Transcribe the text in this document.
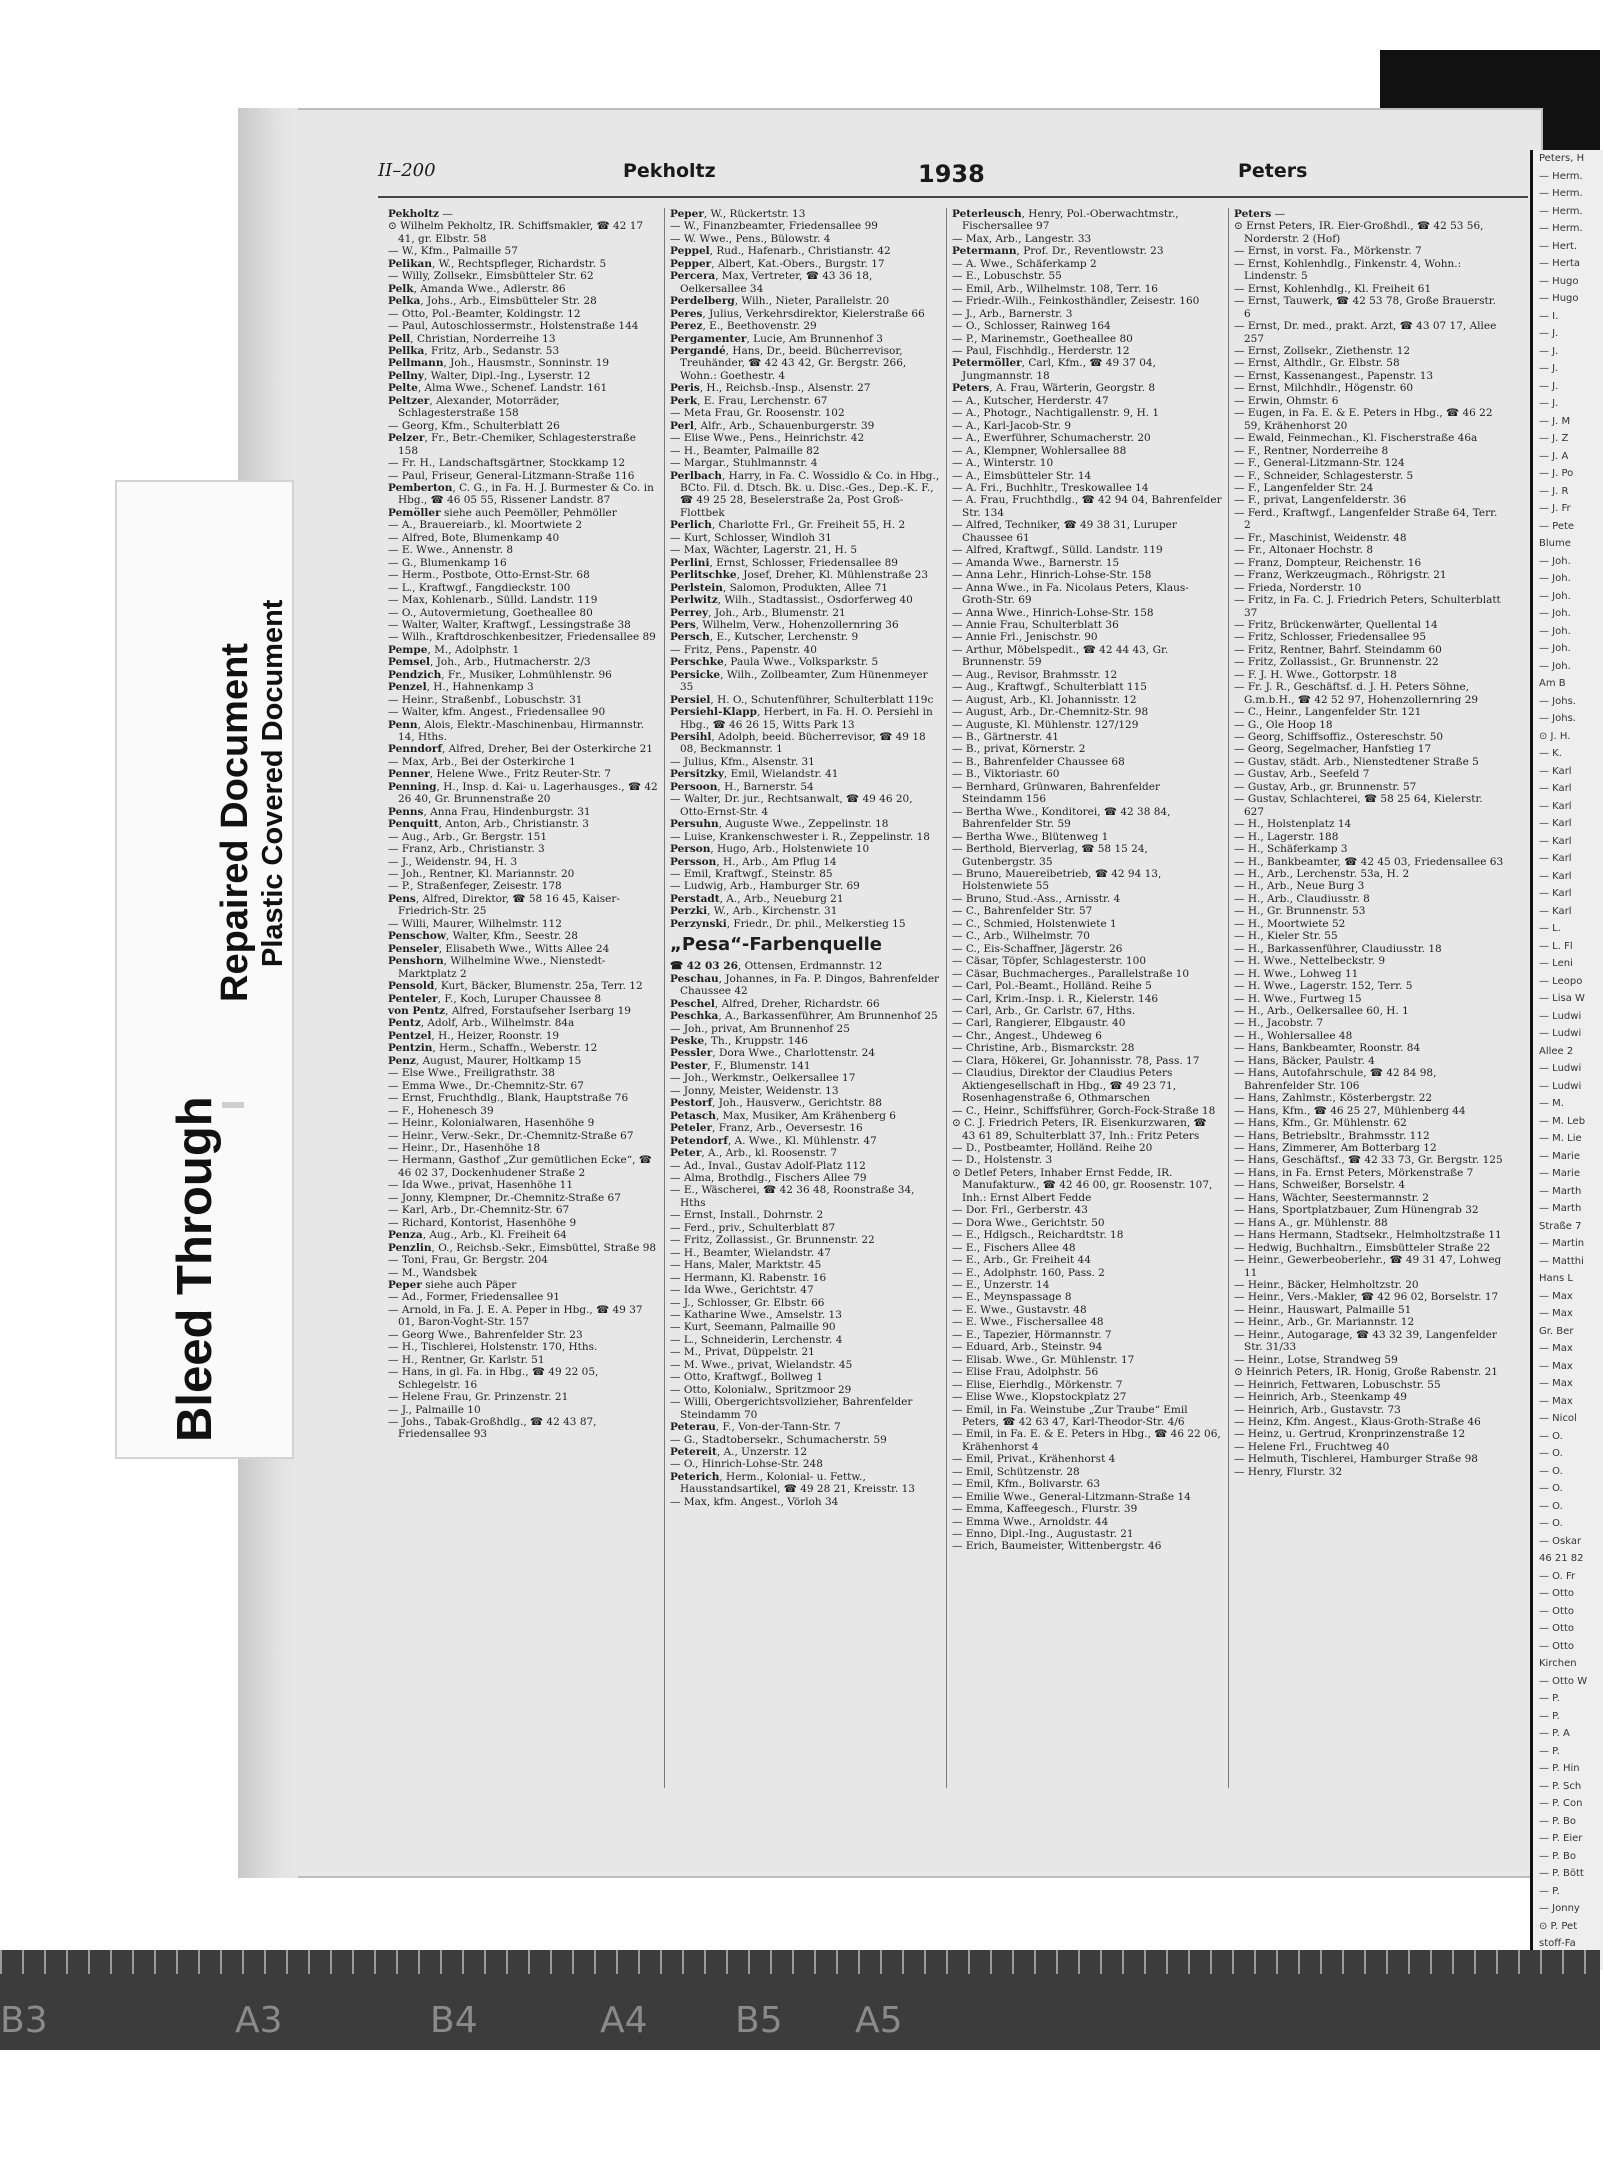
II–200	Pekholtz	1938	Peters
Pekholtz —
⊙ Wilhelm Pekholtz, IR. Schiffsmakler, ☎ 42 17 41, gr. Elbstr. 58
— W., Kfm., Palmaille 57
Pelikan, W., Rechtspfleger, Richardstr. 5
— Willy, Zollsekr., Eimsbütteler Str. 62
Pelk, Amanda Wwe., Adlerstr. 86
Pelka, Johs., Arb., Eimsbütteler Str. 28
— Otto, Pol.-Beamter, Koldingstr. 12
— Paul, Autoschlossermstr., Holstenstraße 144
Pell, Christian, Norderreihe 13
Pellka, Fritz, Arb., Sedanstr. 53
Pellmann, Joh., Hausmstr., Sonninstr. 19
Pellny, Walter, Dipl.-Ing., Lyserstr. 12
Pelte, Alma Wwe., Schenef. Landstr. 161
Peltzer, Alexander, Motorräder, Schlagesterstraße 158
— Georg, Kfm., Schulterblatt 26
Pelzer, Fr., Betr.-Chemiker, Schlagesterstraße 158
— Fr. H., Landschaftsgärtner, Stockkamp 12
— Paul, Friseur, General-Litzmann-Straße 116
Pemberton, C. G., in Fa. H. J. Burmester & Co. in Hbg., ☎ 46 05 55, Rissener Landstr. 87
Pemöller siehe auch Peemöller, Pehmöller
— A., Brauereiarb., kl. Moortwiete 2
— Alfred, Bote, Blumenkamp 40
— E. Wwe., Annenstr. 8
— G., Blumenkamp 16
— Herm., Postbote, Otto-Ernst-Str. 68
— L., Kraftwgf., Fangdieckstr. 100
— Max, Kohlenarb., Sülld. Landstr. 119
— O., Autovermietung, Goetheallee 80
— Walter, Walter, Kraftwgf., Lessingstraße 38
— Wilh., Kraftdroschkenbesitzer, Friedensallee 89
Pempe, M., Adolphstr. 1
Pemsel, Joh., Arb., Hutmacherstr. 2/3
Pendzich, Fr., Musiker, Lohmühlenstr. 96
Penzel, H., Hahnenkamp 3
— Heinr., Straßenbf., Lobuschstr. 31
— Walter, kfm. Angest., Friedensallee 90
Penn, Alois, Elektr.-Maschinenbau, Hirmannstr. 14, Hths.
Penndorf, Alfred, Dreher, Bei der Osterkirche 21
— Max, Arb., Bei der Osterkirche 1
Penner, Helene Wwe., Fritz Reuter-Str. 7
Penning, H., Insp. d. Kai- u. Lagerhausges., ☎ 42 26 40, Gr. Brunnenstraße 20
Penns, Anna Frau, Hindenburgstr. 31
Penquitt, Anton, Arb., Christianstr. 3
— Aug., Arb., Gr. Bergstr. 151
— Franz, Arb., Christianstr. 3
— J., Weidenstr. 94, H. 3
— Joh., Rentner, Kl. Mariannstr. 20
— P., Straßenfeger, Zeisestr. 178
Pens, Alfred, Direktor, ☎ 58 16 45, Kaiser-Friedrich-Str. 25
— Willi, Maurer, Wilhelmstr. 112
Penschow, Walter, Kfm., Seestr. 28
Penseler, Elisabeth Wwe., Witts Allee 24
Penshorn, Wilhelmine Wwe., Nienstedt-Marktplatz 2
Pensold, Kurt, Bäcker, Blumenstr. 25a, Terr. 12
Penteler, F., Koch, Luruper Chaussee 8
von Pentz, Alfred, Forstaufseher Iserbarg 19
Pentz, Adolf, Arb., Wilhelmstr. 84a
Pentzel, H., Heizer, Roonstr. 19
Pentzin, Herm., Schaffn., Weberstr. 12
Penz, August, Maurer, Holtkamp 15
— Else Wwe., Freiligrathstr. 38
— Emma Wwe., Dr.-Chemnitz-Str. 67
— Ernst, Fruchthdlg., Blank, Hauptstraße 76
— F., Hohenesch 39
— Heinr., Kolonialwaren, Hasenhöhe 9
— Heinr., Verw.-Sekr., Dr.-Chemnitz-Straße 67
— Heinr., Dr., Hasenhöhe 18
— Hermann, Gasthof „Zur gemütlichen Ecke“, ☎ 46 02 37, Dockenhudener Straße 2
— Ida Wwe., privat, Hasenhöhe 11
— Jonny, Klempner, Dr.-Chemnitz-Straße 67
— Karl, Arb., Dr.-Chemnitz-Str. 67
— Richard, Kontorist, Hasenhöhe 9
Penza, Aug., Arb., Kl. Freiheit 64
Penzlin, O., Reichsb.-Sekr., Eimsbüttel, Straße 98
— Toni, Frau, Gr. Bergstr. 204
— M., Wandsbek
Peper siehe auch Päper
— Ad., Former, Friedensallee 91
— Arnold, in Fa. J. E. A. Peper in Hbg., ☎ 49 37 01, Baron-Voght-Str. 157
— Georg Wwe., Bahrenfelder Str. 23
— H., Tischlerei, Holstenstr. 170, Hths.
— H., Rentner, Gr. Karlstr. 51
— Hans, in gl. Fa. in Hbg., ☎ 49 22 05, Schlegelstr. 16
— Helene Frau, Gr. Prinzenstr. 21
— J., Palmaille 10
— Johs., Tabak-Großhdlg., ☎ 42 43 87, Friedensallee 93
Peper, W., Rückertstr. 13
— W., Finanzbeamter, Friedensallee 99
— W. Wwe., Pens., Bülowstr. 4
Peppel, Rud., Hafenarb., Christianstr. 42
Pepper, Albert, Kat.-Obers., Burgstr. 17
Percera, Max, Vertreter, ☎ 43 36 18, Oelkersallee 34
Perdelberg, Wilh., Nieter, Parallelstr. 20
Peres, Julius, Verkehrsdirektor, Kielerstraße 66
Perez, E., Beethovenstr. 29
Pergamenter, Lucie, Am Brunnenhof 3
Pergandé, Hans, Dr., beeid. Bücherrevisor, Treuhänder, ☎ 42 43 42, Gr. Bergstr. 266, Wohn.: Goethestr. 4
Peris, H., Reichsb.-Insp., Alsenstr. 27
Perk, E. Frau, Lerchenstr. 67
— Meta Frau, Gr. Roosenstr. 102
Perl, Alfr., Arb., Schauenburgerstr. 39
— Elise Wwe., Pens., Heinrichstr. 42
— H., Beamter, Palmaille 82
— Margar., Stuhlmannstr. 4
Perlbach, Harry, in Fa. C. Wossidlo & Co. in Hbg., BCto. Fil. d. Dtsch. Bk. u. Disc.-Ges., Dep.-K. F., ☎ 49 25 28, Beselerstraße 2a, Post Groß-Flottbek
Perlich, Charlotte Frl., Gr. Freiheit 55, H. 2
— Kurt, Schlosser, Windloh 31
— Max, Wächter, Lagerstr. 21, H. 5
Perlini, Ernst, Schlosser, Friedensallee 89
Perlitschke, Josef, Dreher, Kl. Mühlenstraße 23
Perlstein, Salomon, Produkten, Allee 71
Perlwitz, Wilh., Stadtassist., Osdorferweg 40
Perrey, Joh., Arb., Blumenstr. 21
Pers, Wilhelm, Verw., Hohenzollernring 36
Persch, E., Kutscher, Lerchenstr. 9
— Fritz, Pens., Papenstr. 40
Perschke, Paula Wwe., Volksparkstr. 5
Persicke, Wilh., Zollbeamter, Zum Hünenmeyer 35
Persiel, H. O., Schutenführer, Schulterblatt 119c
Persiehl-Klapp, Herbert, in Fa. H. O. Persiehl in Hbg., ☎ 46 26 15, Witts Park 13
Persihl, Adolph, beeid. Bücherrevisor, ☎ 49 18 08, Beckmannstr. 1
— Julius, Kfm., Alsenstr. 31
Persitzky, Emil, Wielandstr. 41
Persoon, H., Barnerstr. 54
— Walter, Dr. jur., Rechtsanwalt, ☎ 49 46 20, Otto-Ernst-Str. 4
Persuhn, Auguste Wwe., Zeppelinstr. 18
— Luise, Krankenschwester i. R., Zeppelinstr. 18
Person, Hugo, Arb., Holstenwiete 10
Persson, H., Arb., Am Pflug 14
— Emil, Kraftwgf., Steinstr. 85
— Ludwig, Arb., Hamburger Str. 69
Perstadt, A., Arb., Neueburg 21
Perzki, W., Arb., Kirchenstr. 31
Perzynski, Friedr., Dr. phil., Melkerstieg 15
„Pesa“-Farbenquelle
☎ 42 03 26, Ottensen, Erdmannstr. 12
Peschau, Johannes, in Fa. P. Dingos, Bahrenfelder Chaussee 42
Peschel, Alfred, Dreher, Richardstr. 66
Peschka, A., Barkassenführer, Am Brunnenhof 25
— Joh., privat, Am Brunnenhof 25
Peske, Th., Kruppstr. 146
Pessler, Dora Wwe., Charlottenstr. 24
Pester, F., Blumenstr. 141
— Joh., Werkmstr., Oelkersallee 17
— Jonny, Meister, Weidenstr. 13
Pestorf, Joh., Hausverw., Gerichtstr. 88
Petasch, Max, Musiker, Am Krähenberg 6
Peteler, Franz, Arb., Oeversestr. 16
Petendorf, A. Wwe., Kl. Mühlenstr. 47
Peter, A., Arb., kl. Roosenstr. 7
— Ad., Inval., Gustav Adolf-Platz 112
— Alma, Brothdlg., Fischers Allee 79
— E., Wäscherei, ☎ 42 36 48, Roonstraße 34, Hths
— Ernst, Install., Dohrnstr. 2
— Ferd., priv., Schulterblatt 87
— Fritz, Zollassist., Gr. Brunnenstr. 22
— H., Beamter, Wielandstr. 47
— Hans, Maler, Marktstr. 45
— Hermann, Kl. Rabenstr. 16
— Ida Wwe., Gerichtstr. 47
— J., Schlosser, Gr. Elbstr. 66
— Katharine Wwe., Amselstr. 13
— Kurt, Seemann, Palmaille 90
— L., Schneiderin, Lerchenstr. 4
— M., Privat, Düppelstr. 21
— M. Wwe., privat, Wielandstr. 45
— Otto, Kraftwgf., Bollweg 1
— Otto, Kolonialw., Spritzmoor 29
— Willi, Obergerichtsvollzieher, Bahrenfelder Steindamm 70
Peterau, F., Von-der-Tann-Str. 7
— G., Stadtobersekr., Schumacherstr. 59
Petereit, A., Unzerstr. 12
— O., Hinrich-Lohse-Str. 248
Peterich, Herm., Kolonial- u. Fettw., Hausstandsartikel, ☎ 49 28 21, Kreisstr. 13
— Max, kfm. Angest., Vörloh 34
Peterleusch, Henry, Pol.-Oberwachtmstr., Fischersallee 97
— Max, Arb., Langestr. 33
Petermann, Prof. Dr., Reventlowstr. 23
— A. Wwe., Schäferkamp 2
— E., Lobuschstr. 55
— Emil, Arb., Wilhelmstr. 108, Terr. 16
— Friedr.-Wilh., Feinkosthändler, Zeisestr. 160
— J., Arb., Barnerstr. 3
— O., Schlosser, Rainweg 164
— P., Marinemstr., Goetheallee 80
— Paul, Fischhdlg., Herderstr. 12
Petermöller, Carl, Kfm., ☎ 49 37 04, Jungmannstr. 18
Peters, A. Frau, Wärterin, Georgstr. 8
— A., Kutscher, Herderstr. 47
— A., Photogr., Nachtigallenstr. 9, H. 1
— A., Karl-Jacob-Str. 9
— A., Ewerführer, Schumacherstr. 20
— A., Klempner, Wohlersallee 88
— A., Winterstr. 10
— A., Eimsbütteler Str. 14
— A. Fri., Buchhltr., Treskowallee 14
— A. Frau, Fruchthdlg., ☎ 42 94 04, Bahrenfelder Str. 134
— Alfred, Techniker, ☎ 49 38 31, Luruper Chaussee 61
— Alfred, Kraftwgf., Sülld. Landstr. 119
— Amanda Wwe., Barnerstr. 15
— Anna Lehr., Hinrich-Lohse-Str. 158
— Anna Wwe., in Fa. Nicolaus Peters, Klaus-Groth-Str. 69
— Anna Wwe., Hinrich-Lohse-Str. 158
— Annie Frau, Schulterblatt 36
— Annie Frl., Jenischstr. 90
— Arthur, Möbelspedit., ☎ 42 44 43, Gr. Brunnenstr. 59
— Aug., Revisor, Brahmsstr. 12
— Aug., Kraftwgf., Schulterblatt 115
— August, Arb., Kl. Johannisstr. 12
— August, Arb., Dr.-Chemnitz-Str. 98
— Auguste, Kl. Mühlenstr. 127/129
— B., Gärtnerstr. 41
— B., privat, Körnerstr. 2
— B., Bahrenfelder Chaussee 68
— B., Viktoriastr. 60
— Bernhard, Grünwaren, Bahrenfelder Steindamm 156
— Bertha Wwe., Konditorei, ☎ 42 38 84, Bahrenfelder Str. 59
— Bertha Wwe., Blütenweg 1
— Berthold, Bierverlag, ☎ 58 15 24, Gutenbergstr. 35
— Bruno, Mauereibetrieb, ☎ 42 94 13, Holstenwiete 55
— Bruno, Stud.-Ass., Arnisstr. 4
— C., Bahrenfelder Str. 57
— C., Schmied, Holstenwiete 1
— C., Arb., Wilhelmstr. 70
— C., Eis-Schaffner, Jägerstr. 26
— Cäsar, Töpfer, Schlagesterstr. 100
— Cäsar, Buchmacherges., Parallelstraße 10
— Carl, Pol.-Beamt., Holländ. Reihe 5
— Carl, Krim.-Insp. i. R., Kielerstr. 146
— Carl, Arb., Gr. Carlstr. 67, Hths.
— Carl, Rangierer, Elbgaustr. 40
— Chr., Angest., Uhdeweg 6
— Christine, Arb., Bismarckstr. 28
— Clara, Hökerei, Gr. Johannisstr. 78, Pass. 17
— Claudius, Direktor der Claudius Peters Aktiengesellschaft in Hbg., ☎ 49 23 71, Rosenhagenstraße 6, Othmarschen
— C., Heinr., Schiffsführer, Gorch-Fock-Straße 18
⊙ C. J. Friedrich Peters, IR. Eisenkurzwaren, ☎ 43 61 89, Schulterblatt 37, Inh.: Fritz Peters
— D., Postbeamter, Holländ. Reihe 20
— D., Holstenstr. 3
⊙ Detlef Peters, Inhaber Ernst Fedde, IR. Manufakturw., ☎ 42 46 00, gr. Roosenstr. 107, Inh.: Ernst Albert Fedde
— Dor. Frl., Gerberstr. 43
— Dora Wwe., Gerichtstr. 50
— E., Hdlgsch., Reichardtstr. 18
— E., Fischers Allee 48
— E., Arb., Gr. Freiheit 44
— E., Adolphstr. 160, Pass. 2
— E., Unzerstr. 14
— E., Meynspassage 8
— E. Wwe., Gustavstr. 48
— E. Wwe., Fischersallee 48
— E., Tapezier, Hörmannstr. 7
— Eduard, Arb., Steinstr. 94
— Elisab. Wwe., Gr. Mühlenstr. 17
— Elise Frau, Adolphstr. 56
— Elise, Eierhdlg., Mörkenstr. 7
— Elise Wwe., Klopstockplatz 27
— Emil, in Fa. Weinstube „Zur Traube“ Emil Peters, ☎ 42 63 47, Karl-Theodor-Str. 4/6
— Emil, in Fa. E. & E. Peters in Hbg., ☎ 46 22 06, Krähenhorst 4
— Emil, Privat., Krähenhorst 4
— Emil, Schützenstr. 28
— Emil, Kfm., Bolivarstr. 63
— Emilie Wwe., General-Litzmann-Straße 14
— Emma, Kaffeegesch., Flurstr. 39
— Emma Wwe., Arnoldstr. 44
— Enno, Dipl.-Ing., Augustastr. 21
— Erich, Baumeister, Wittenbergstr. 46
Peters —
⊙ Ernst Peters, IR. Eier-Großhdl., ☎ 42 53 56, Norderstr. 2 (Hof)
— Ernst, in vorst. Fa., Mörkenstr. 7
— Ernst, Kohlenhdlg., Finkenstr. 4, Wohn.: Lindenstr. 5
— Ernst, Kohlenhdlg., Kl. Freiheit 61
— Ernst, Tauwerk, ☎ 42 53 78, Große Brauerstr. 6
— Ernst, Dr. med., prakt. Arzt, ☎ 43 07 17, Allee 257
— Ernst, Zollsekr., Ziethenstr. 12
— Ernst, Althdlr., Gr. Elbstr. 58
— Ernst, Kassenangest., Papenstr. 13
— Ernst, Milchhdlr., Högenstr. 60
— Erwin, Ohmstr. 6
— Eugen, in Fa. E. & E. Peters in Hbg., ☎ 46 22 59, Krähenhorst 20
— Ewald, Feinmechan., Kl. Fischerstraße 46a
— F., Rentner, Norderreihe 8
— F., General-Litzmann-Str. 124
— F., Schneider, Schlagesterstr. 5
— F., Langenfelder Str. 24
— F., privat, Langenfelderstr. 36
— Ferd., Kraftwgf., Langenfelder Straße 64, Terr. 2
— Fr., Maschinist, Weidenstr. 48
— Fr., Altonaer Hochstr. 8
— Franz, Dompteur, Reichenstr. 16
— Franz, Werkzeugmach., Röhrigstr. 21
— Frieda, Norderstr. 10
— Fritz, in Fa. C. J. Friedrich Peters, Schulterblatt 37
— Fritz, Brückenwärter, Quellental 14
— Fritz, Schlosser, Friedensallee 95
— Fritz, Rentner, Bahrf. Steindamm 60
— Fritz, Zollassist., Gr. Brunnenstr. 22
— F. J. H. Wwe., Gottorpstr. 18
— Fr. J. R., Geschäftsf. d. J. H. Peters Söhne, G.m.b.H., ☎ 42 52 97, Hohenzollernring 29
— C., Heinr., Langenfelder Str. 121
— G., Ole Hoop 18
— Georg, Schiffsoffiz., Ostereschstr. 50
— Georg, Segelmacher, Hanfstieg 17
— Gustav, städt. Arb., Nienstedtener Straße 5
— Gustav, Arb., Seefeld 7
— Gustav, Arb., gr. Brunnenstr. 57
— Gustav, Schlachterei, ☎ 58 25 64, Kielerstr. 627
— H., Holstenplatz 14
— H., Lagerstr. 188
— H., Schäferkamp 3
— H., Bankbeamter, ☎ 42 45 03, Friedensallee 63
— H., Arb., Lerchenstr. 53a, H. 2
— H., Arb., Neue Burg 3
— H., Arb., Claudiusstr. 8
— H., Gr. Brunnenstr. 53
— H., Moortwiete 52
— H., Kieler Str. 55
— H., Barkassenführer, Claudiusstr. 18
— H. Wwe., Nettelbeckstr. 9
— H. Wwe., Lohweg 11
— H. Wwe., Lagerstr. 152, Terr. 5
— H. Wwe., Furtweg 15
— H., Arb., Oelkersallee 60, H. 1
— H., Jacobstr. 7
— H., Wohlersallee 48
— Hans, Bankbeamter, Roonstr. 84
— Hans, Bäcker, Paulstr. 4
— Hans, Autofahrschule, ☎ 42 84 98, Bahrenfelder Str. 106
— Hans, Zahlmstr., Kösterbergstr. 22
— Hans, Kfm., ☎ 46 25 27, Mühlenberg 44
— Hans, Kfm., Gr. Mühlenstr. 62
— Hans, Betriebsltr., Brahmsstr. 112
— Hans, Zimmerer, Am Botterbarg 12
— Hans, Geschäftsf., ☎ 42 33 73, Gr. Bergstr. 125
— Hans, in Fa. Ernst Peters, Mörkenstraße 7
— Hans, Schweißer, Borselstr. 4
— Hans, Wächter, Seestermannstr. 2
— Hans, Sportplatzbauer, Zum Hünengrab 32
— Hans A., gr. Mühlenstr. 88
— Hans Hermann, Stadtsekr., Helmholtzstraße 11
— Hedwig, Buchhaltrn., Eimsbütteler Straße 22
— Heinr., Gewerbeoberlehr., ☎ 49 31 47, Lohweg 11
— Heinr., Bäcker, Helmholtzstr. 20
— Heinr., Vers.-Makler, ☎ 42 96 02, Borselstr. 17
— Heinr., Hauswart, Palmaille 51
— Heinr., Arb., Gr. Mariannstr. 12
— Heinr., Autogarage, ☎ 43 32 39, Langenfelder Str. 31/33
— Heinr., Lotse, Strandweg 59
⊙ Heinrich Peters, IR. Honig, Große Rabenstr. 21
— Heinrich, Fettwaren, Lobuschstr. 55
— Heinrich, Arb., Steenkamp 49
— Heinrich, Arb., Gustavstr. 73
— Heinz, Kfm. Angest., Klaus-Groth-Straße 46
— Heinz, u. Gertrud, Kronprinzenstraße 12
— Helene Frl., Fruchtweg 40
— Helmuth, Tischlerei, Hamburger Straße 98
— Henry, Flurstr. 32
Peters, H
— Herm.
— Herm.
— Herm.
— Herm.
— Hert.
— Herta
— Hugo
— Hugo
— I.
— J.
— J.
— J.
— J.
— J.
— J. M
— J. Z
— J. A
— J. Po
— J. R
— J. Fr
— Pete
Blume
— Joh.
— Joh.
— Joh.
— Joh.
— Joh.
— Joh.
— Joh.
Am B
— Johs.
— Johs.
⊙ J. H.
— K.
— Karl
— Karl
— Karl
— Karl
— Karl
— Karl
— Karl
— Karl
— Karl
— L.
— L. Fl
— Leni
— Leopo
— Lisa W
— Ludwi
— Ludwi
Allee 2
— Ludwi
— Ludwi
— M.
— M. Leb
— M. Lie
— Marie
— Marie
— Marth
— Marth
Straße 7
— Martin
— Matthi
Hans L
— Max
— Max
Gr. Ber
— Max
— Max
— Max
— Max
— Nicol
— O.
— O.
— O.
— O.
— O.
— O.
— Oskar
46 21 82
— O. Fr
— Otto
— Otto
— Otto
— Otto
Kirchen
— Otto W
— P.
— P.
— P. A
— P.
— P. Hin
— P. Sch
— P. Con
— P. Bo
— P. Eier
— P. Bo
— P. Bött
— P.
— Jonny
⊙ P. Pet
stoff-Fa
Bleed Through
Repaired Document Plastic Covered Document
B3	A3	B4	A4 B5 A5
